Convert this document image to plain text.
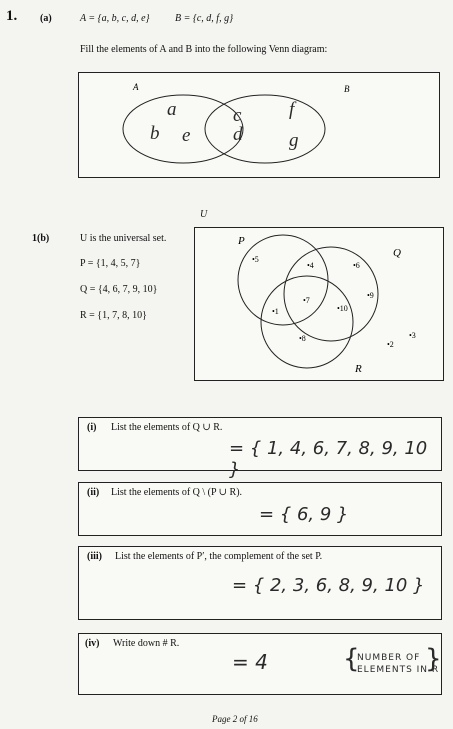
1. (a)	A = {a, b, c, d, e}	B = {c, d, f, g}
Fill the elements of A and B into the following Venn diagram:
A	B
a
b e
c
d
f
g
1(b)	U is the universal set.
P = {1, 4, 5, 7}
Q = {4, 6, 7, 9, 10}
R = {1, 7, 8, 10}
U
P
Q
R
•5
•4	•6
•9
•7
•1	•10
•8
•2
•3
(i) List the elements of Q ∪ R.
= { 1, 4, 6, 7, 8, 9, 10 }
(ii) List the elements of Q \ (P ∪ R).
= { 6, 9 }
(iii) List the elements of P′, the complement of the set P.
= { 2, 3, 6, 8, 9, 10 }
(iv) Write down # R.
= 4	{
NUMBER OF
ELEMENTS IN R
}
Page 2 of 16
